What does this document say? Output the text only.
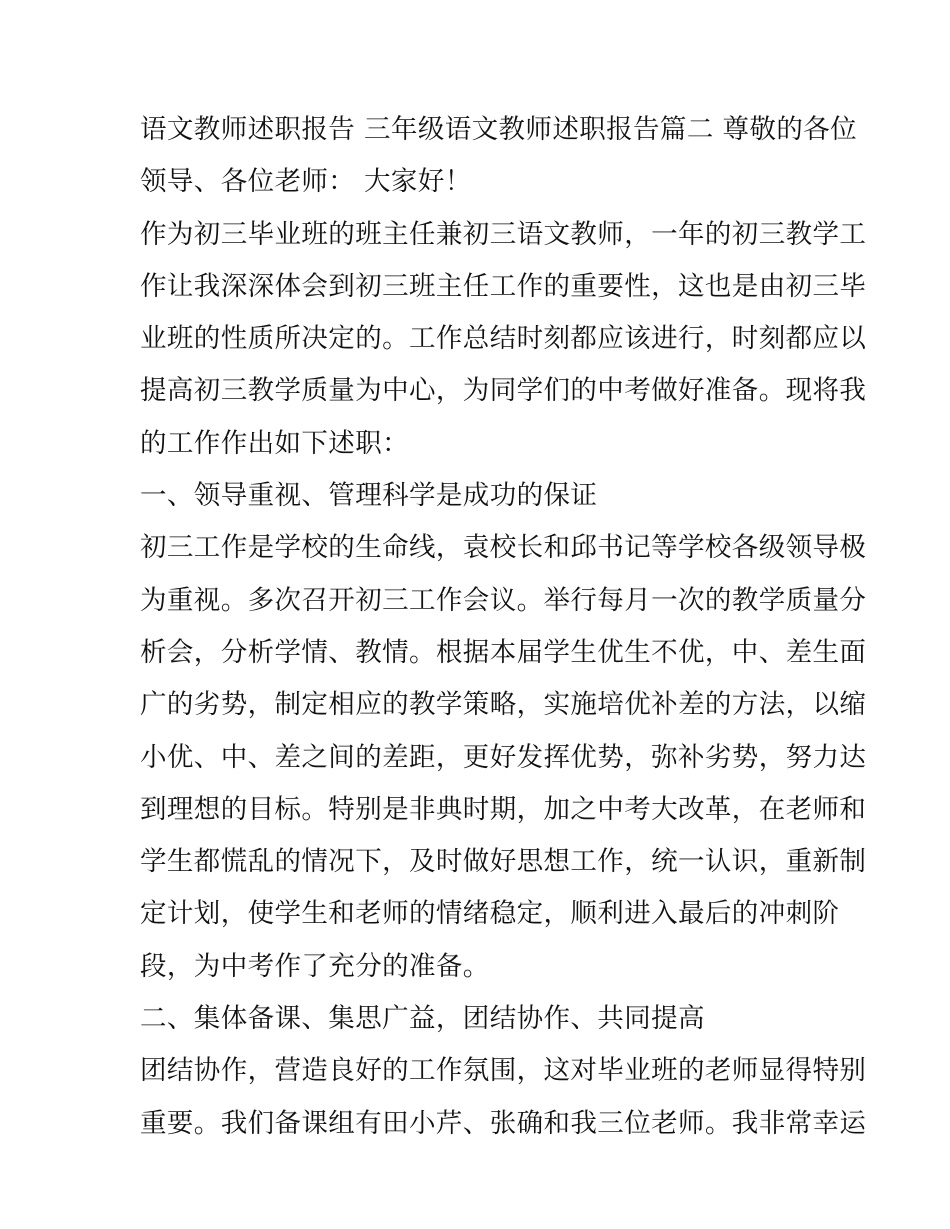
语文教师述职报告 三年级语文教师述职报告篇二 尊敬的各位
领导、各位老师： 大家好！
作为初三毕业班的班主任兼初三语文教师，一年的初三教学工
作让我深深体会到初三班主任工作的重要性，这也是由初三毕
业班的性质所决定的。工作总结时刻都应该进行，时刻都应以
提高初三教学质量为中心，为同学们的中考做好准备。现将我
的工作作出如下述职：
一、领导重视、管理科学是成功的保证
初三工作是学校的生命线，袁校长和邱书记等学校各级领导极
为重视。多次召开初三工作会议。举行每月一次的教学质量分
析会，分析学情、教情。根据本届学生优生不优，中、差生面
广的劣势，制定相应的教学策略，实施培优补差的方法，以缩
小优、中、差之间的差距，更好发挥优势，弥补劣势，努力达
到理想的目标。特别是非典时期，加之中考大改革，在老师和
学生都慌乱的情况下，及时做好思想工作，统一认识，重新制
定计划，使学生和老师的情绪稳定，顺利进入最后的冲刺阶
段，为中考作了充分的准备。
二、集体备课、集思广益，团结协作、共同提高
团结协作，营造良好的工作氛围，这对毕业班的老师显得特别
重要。我们备课组有田小芹、张确和我三位老师。我非常幸运
